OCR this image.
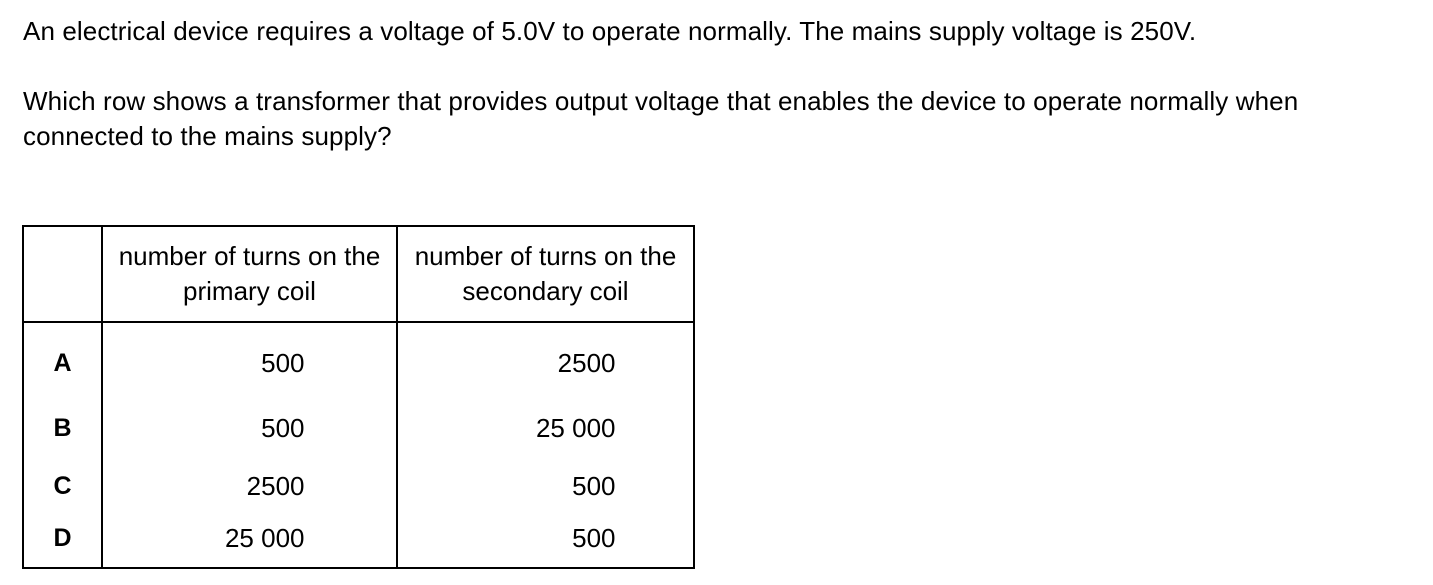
An electrical device requires a voltage of 5.0V to operate normally. The mains supply voltage is 250V.

Which row shows a transformer that provides output voltage that enables the device to operate normally when connected to the mains supply?

	number of turns on the primary coil	number of turns on the secondary coil
A	500	2500
B	500	25 000
C	2500	500
D	25 000	500
